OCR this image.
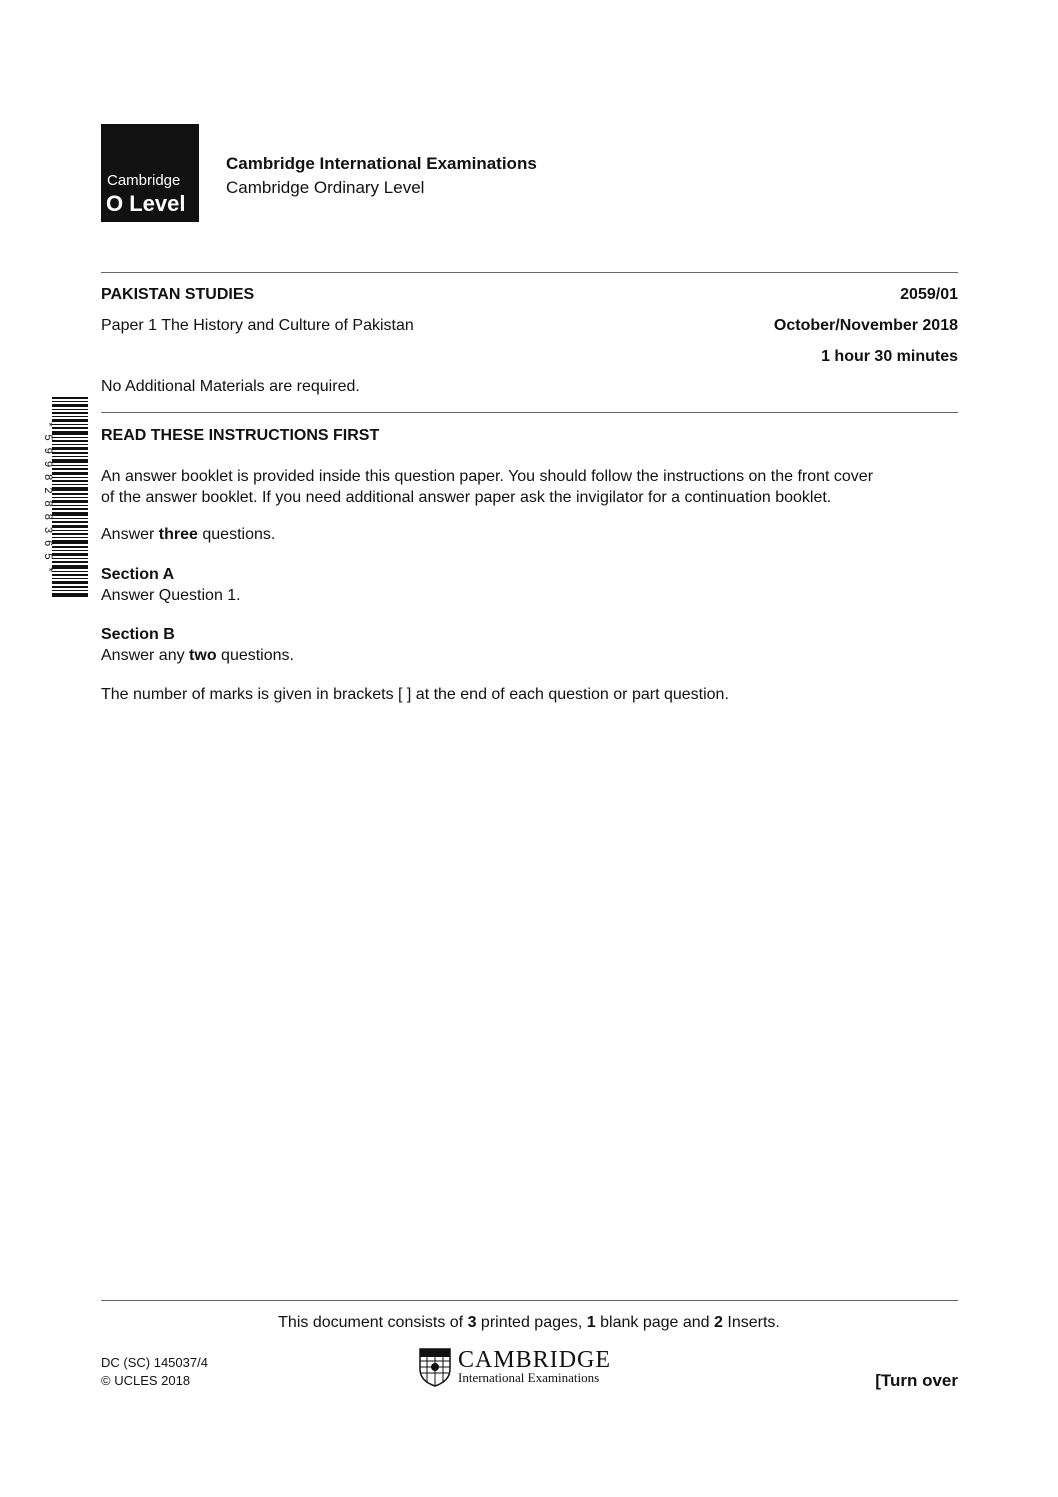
Cambridge
O Level
Cambridge International Examinations
Cambridge Ordinary Level
PAKISTAN STUDIES	2059/01
Paper 1 The History and Culture of Pakistan	October/November 2018
1 hour 30 minutes
No Additional Materials are required.
* 5 9 9 8 2 8 8 3 6 5 *	READ THESE INSTRUCTIONS FIRST
An answer booklet is provided inside this question paper. You should follow the instructions on the front cover
of the answer booklet. If you need additional answer paper ask the invigilator for a continuation booklet.
Answer three questions.
Section A
Answer Question 1.
Section B
Answer any two questions.
The number of marks is given in brackets [ ] at the end of each question or part question.
This document consists of 3 printed pages, 1 blank page and 2 Inserts.
DC (SC) 145037/4
© UCLES 2018
CAMBRIDGE
International Examinations	[Turn over
